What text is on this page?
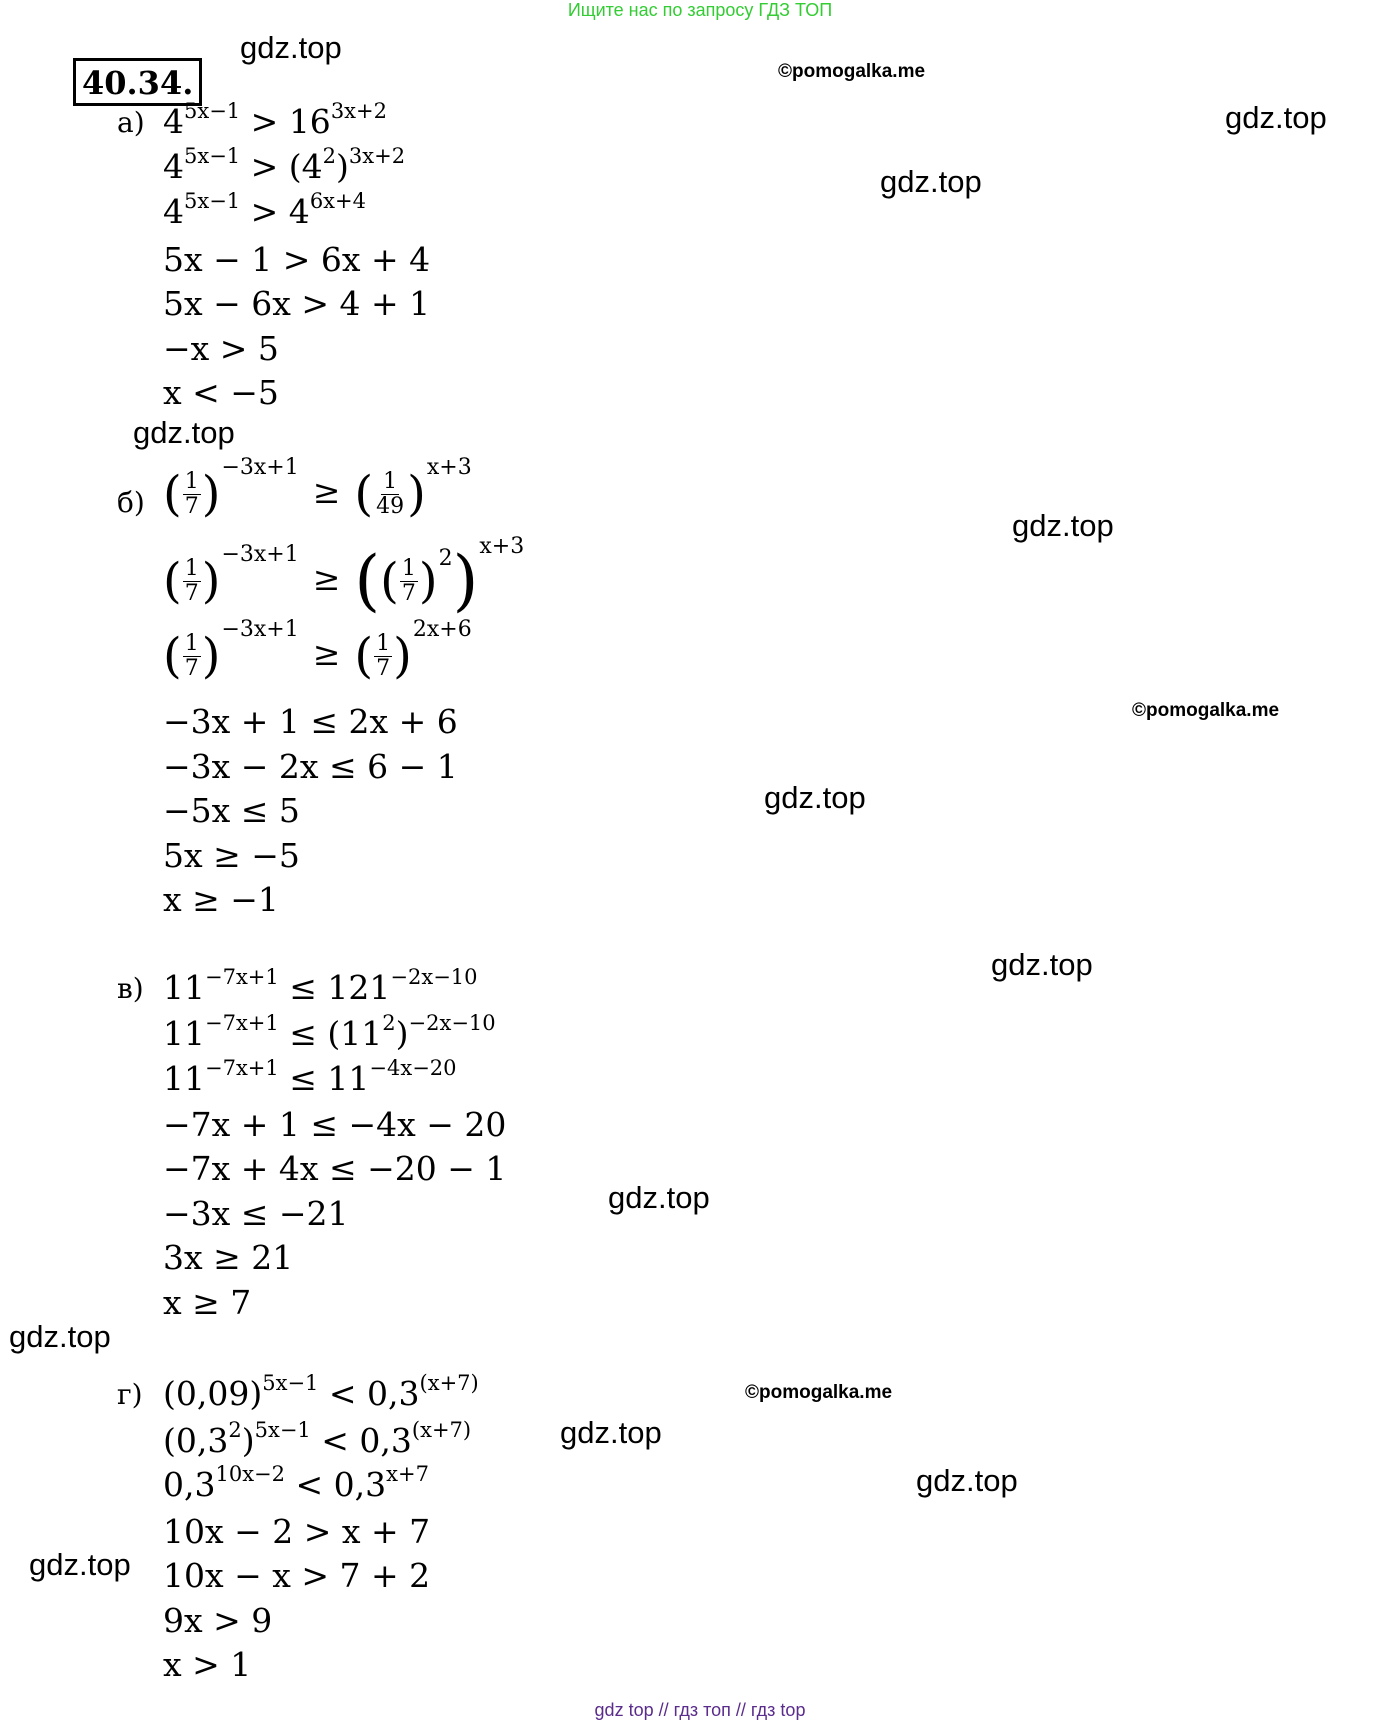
Ищите нас по запросу ГДЗ ТОП
40.34.
gdz.top
©pomogalka.me
gdz.top
gdz.top
gdz.top
gdz.top
©pomogalka.me
gdz.top
gdz.top
gdz.top
gdz.top
©pomogalka.me
gdz.top
gdz.top
gdz.top
а) $4^{5x-1} > 16^{3x+2}$
$4^{5x-1} > (4^2)^{3x+2}$
$4^{5x-1} > 4^{6x+4}$
5x − 1 > 6x + 4
5x − 6x > 4 + 1
−x > 5
x < −5
б) ( $\frac{1}{7}$ ) −3x+1
≥ ( $\frac{1}{49}$ ) x+3
( $\frac{1}{7}$ ) −3x+1
≥ ( ( $\frac{1}{7}$ ) 2 ) x+3
( $\frac{1}{7}$ ) −3x+1
≥ ( $\frac{1}{7}$ ) 2x+6
−3x + 1 ≤ 2x + 6
−3x − 2x ≤ 6 − 1
−5x ≤ 5
5x ≥ −5
x ≥ −1
в) $11^{-7x+1} \le 121^{-2x-10}$
$11^{-7x+1} \le (11^2)^{-2x-10}$
$11^{-7x+1} \le 11^{-4x-20}$
−7x + 1 ≤ −4x − 20
−7x + 4x ≤ −20 − 1
−3x ≤ −21
3x ≥ 21
x ≥ 7
г) $(0,09)^{5x-1} < 0,3^{(x+7)}$
$(0,3^2)^{5x-1} < 0,3^{(x+7)}$
$0,3^{10x-2} < 0,3^{x+7}$
10x − 2 > x + 7
10x − x > 7 + 2
9x > 9
x > 1
gdz top // гдз топ // гдз top
